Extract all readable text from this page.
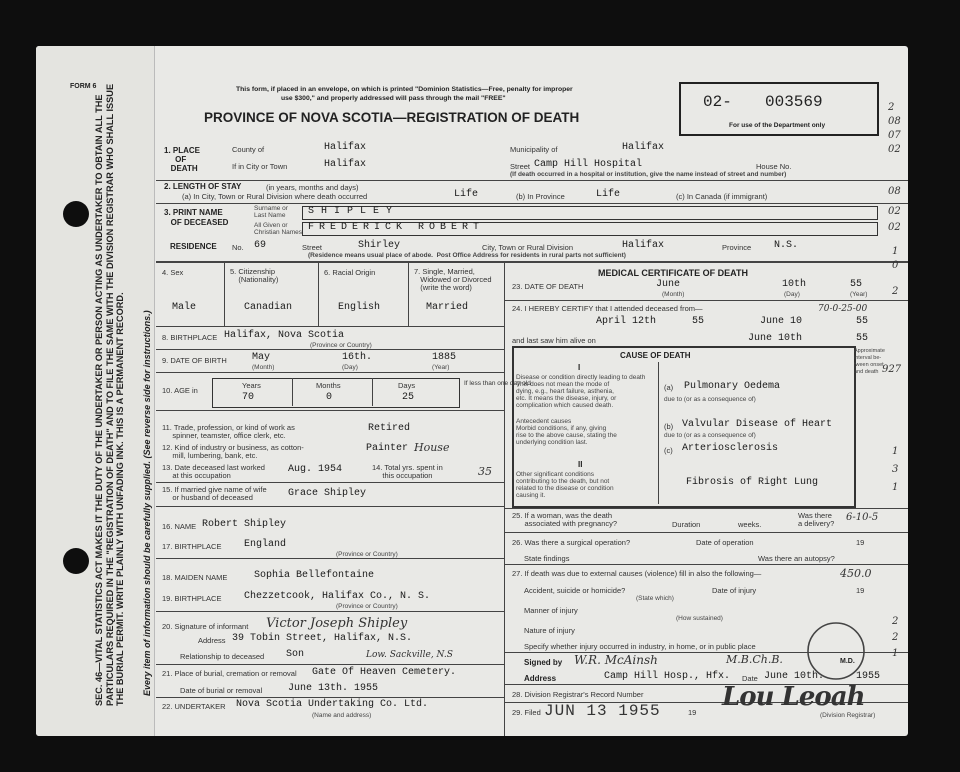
FORM 6
SEC. 46—VITAL STATISTICS ACT MAKES IT THE DUTY OF THE UNDERTAKER OR PERSON ACTING AS UNDERTAKER TO OBTAIN ALL THE PARTICULARS REQUIRED IN THE "REGISTRATION OF DEATH" AND TO FILE THE SAME WITH THE DIVISION REGISTRAR WHO SHALL ISSUE THE BURIAL PERMIT. WRITE PLAINLY WITH UNFADING INK. THIS IS A PERMANENT RECORD. Every item of information should be carefully supplied. (See reverse side for instructions.)
This form, if placed in an envelope, on which is printed "Dominion Statistics—Free, penalty for improper
use $300," and properly addressed will pass through the mail "FREE"
PROVINCE OF NOVA SCOTIA—REGISTRATION OF DEATH
02- 003569
For use of the Department only
1. PLACE
OF
DEATH
County of	Halifax	Municipality of	Halifax
If in City or Town	Halifax	Street Camp Hill Hospital	House No.
(If death occurred in a hospital or institution, give the name instead of street and number)
2. LENGTH OF STAY	(in years, months and days)
(a) In City, Town or Rural Division where death occurred	Life	(b) In Province	Life	(c) In Canada (if immigrant)
3. PRINT NAME
OF DECEASED
Surname or
Last Name SHIPLEY
All Given or
Christian Names FREDERICK ROBERT
RESIDENCE No. 69	Street	Shirley	City, Town or Rural Division	Halifax	Province N.S.
(Residence means usual place of abode.  Post Office Address for residents in rural parts not sufficient)
4. Sex	5. Citizenship
(Nationality)
6. Racial Origin	7. Single, Married,
Widowed or Divorced
(write the word)
Male	Canadian	English	Married
8. BIRTHPLACE Halifax, Nova Scotia
(Province or Country)
9. DATE OF BIRTH	May	16th.	1885
(Month)	(Day)	(Year)
10. AGE in
Years	Months	Days
70	0	25
If less than one day old
11. Trade, profession, or kind of work as
spinner, teamster, office clerk, etc.
Retired
12. Kind of industry or business, as cotton-
mill, lumbering, bank, etc.
Painter House
13. Date deceased last worked
at this occupation
Aug. 1954	14. Total yrs. spent in
this occupation	35
15. If married give name of wife
or husband of deceased	Grace Shipley
16. NAME Robert Shipley
17. BIRTHPLACE England
(Province or Country)
18. MAIDEN NAME	Sophia Bellefontaine
19. BIRTHPLACE Chezzetcook, Halifax Co., N. S.
(Province or Country)
20. Signature of informant Victor Joseph Shipley
Address 39 Tobin Street, Halifax, N.S.
Relationship to deceased Son	Low. Sackville, N.S
21. Place of burial, cremation or removal Gate Of Heaven Cemetery.
Date of burial or removal	June 13th. 1955
22. UNDERTAKER Nova Scotia Undertaking Co. Ltd.
(Name and address)
MEDICAL CERTIFICATE OF DEATH
23. DATE OF DEATH	June	10th	55
(Month)	(Day)	(Year)
24. I HEREBY CERTIFY that I attended deceased from—
April 12th	55	June 10	55
70-0-25-00
and last saw him alive on	June 10th	55
CAUSE OF DEATH
I
Disease or condition directly leading to death
This does not mean the mode of
dying, e.g., heart failure, asthenia,
etc. It means the disease, injury, or
complication which caused death.
(a) Pulmonary Oedema
due to (or as a consequence of)
Antecedent causes
Morbid conditions, if any, giving
rise to the above cause, stating the
underlying condition last.
(b) Valvular Disease of Heart
due to (or as a consequence of)
(c) Arteriosclerosis
II
Other significant conditions
contributing to the death, but not
related to the disease or condition
causing it.
Fibrosis of Right Lung
Approximate
interval be-
tween onset
and death
25. If a woman, was the death
associated with pregnancy?	Duration	weeks.
Was there
a delivery?
6-10-5
26. Was there a surgical operation?	Date of operation	19
State findings	Was there an autopsy?
27. If death was due to external causes (violence) fill in also the following—	450.0
Accident, suicide or homicide?	Date of injury	19
(State which)
Manner of injury
(How sustained)
Nature of injury
Specify whether injury occurred in industry, in home, or in public place
Signed by W.R. McAinsh	M.B.Ch.B.	M.D.
Address	Camp Hill Hosp., Hfx. Date June 10th.	1955
28. Division Registrar's Record Number
29. Filed JUN 13 1955	19
Lou Leoah
(Division Registrar)
2
08
07
02
08
02
02
1
0
2
927
1
3
1
2
2
1
